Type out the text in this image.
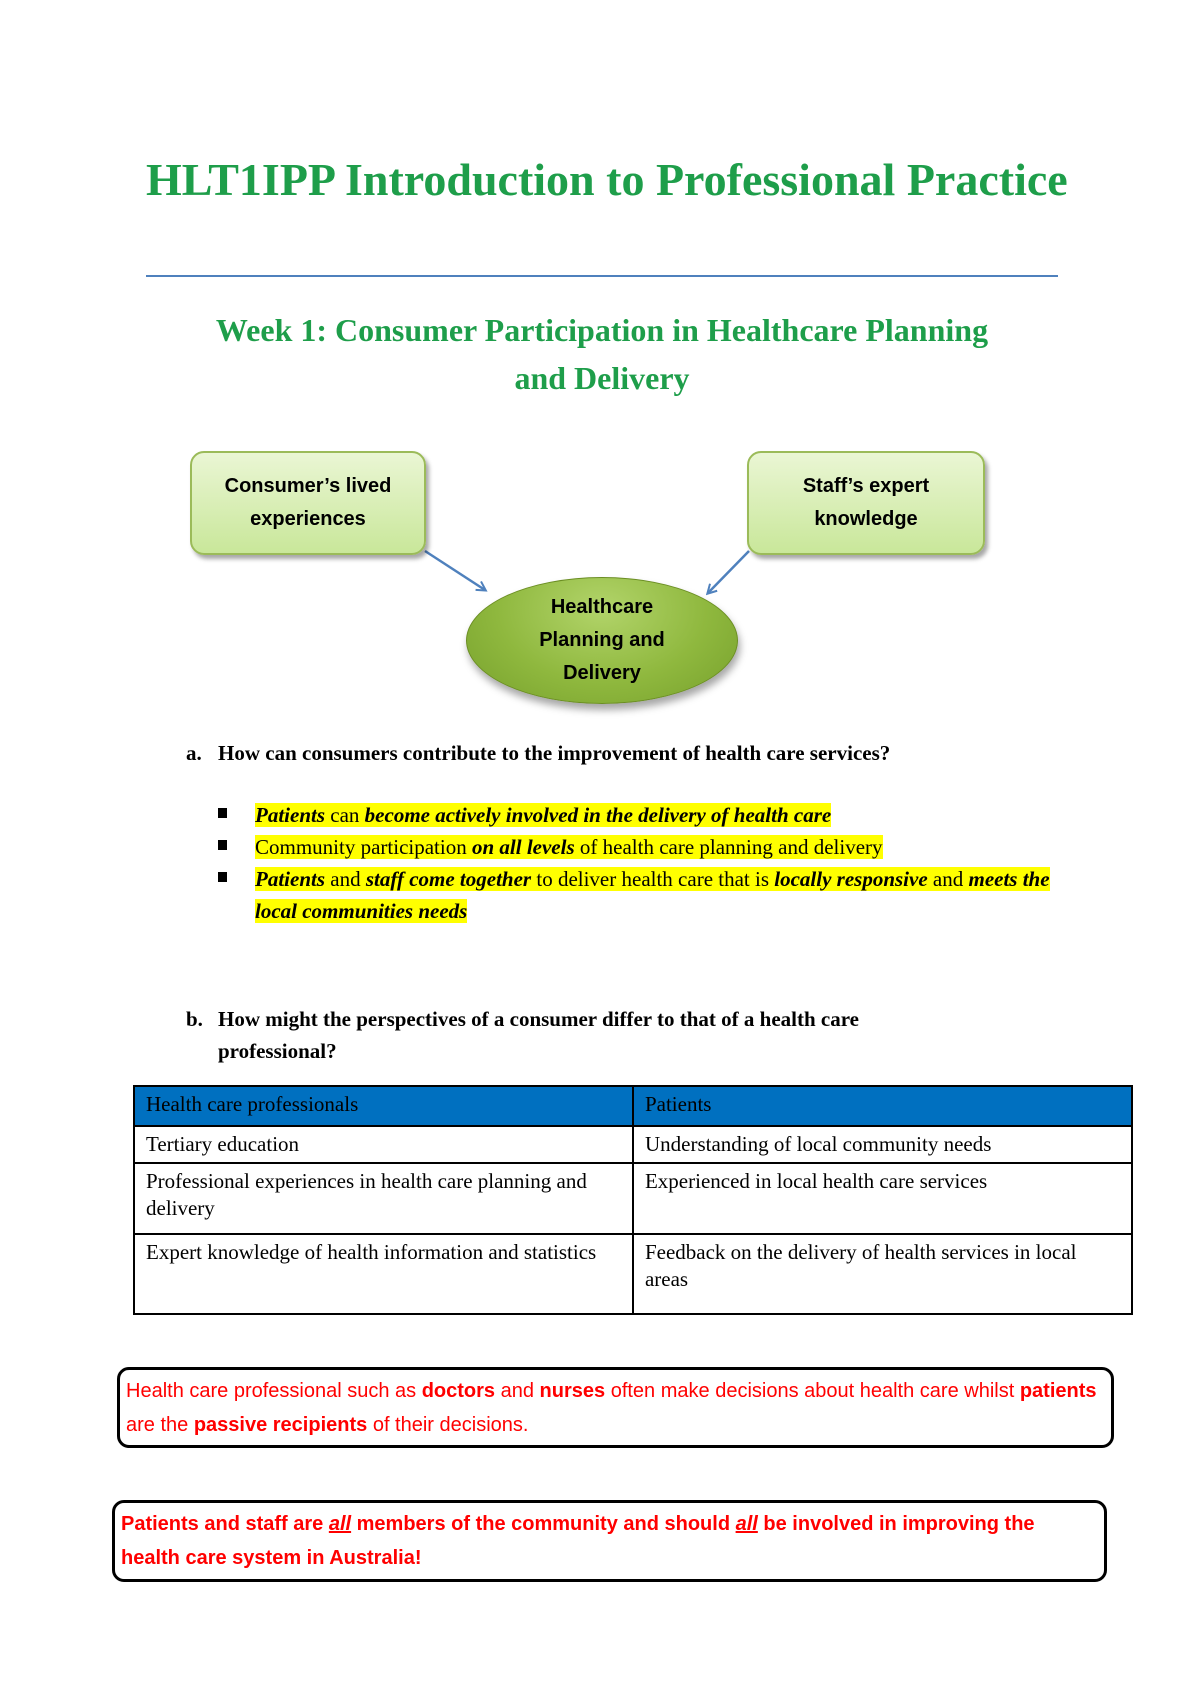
HLT1IPP Introduction to Professional Practice
Week 1: Consumer Participation in Healthcare Planning
and Delivery
Consumer’s lived
experiences
Staff’s expert
knowledge
Healthcare
Planning and
Delivery
a. How can consumers contribute to the improvement of health care services?
Patients can become actively involved in the delivery of health care
Community participation on all levels of health care planning and delivery
Patients and staff come together to deliver health care that is locally responsive and meets the local communities needs
b. How might the perspectives of a consumer differ to that of a health care
professional?
Health care professionals	Patients
Tertiary education	Understanding of local community needs
Professional experiences in health care planning and delivery	Experienced in local health care services
Expert knowledge of health information and statistics	Feedback on the delivery of health services in local areas
Health care professional such as doctors and nurses often make decisions about health care whilst patients are the passive recipients of their decisions.
Patients and staff are all members of the community and should all be involved in improving the health care system in Australia!
